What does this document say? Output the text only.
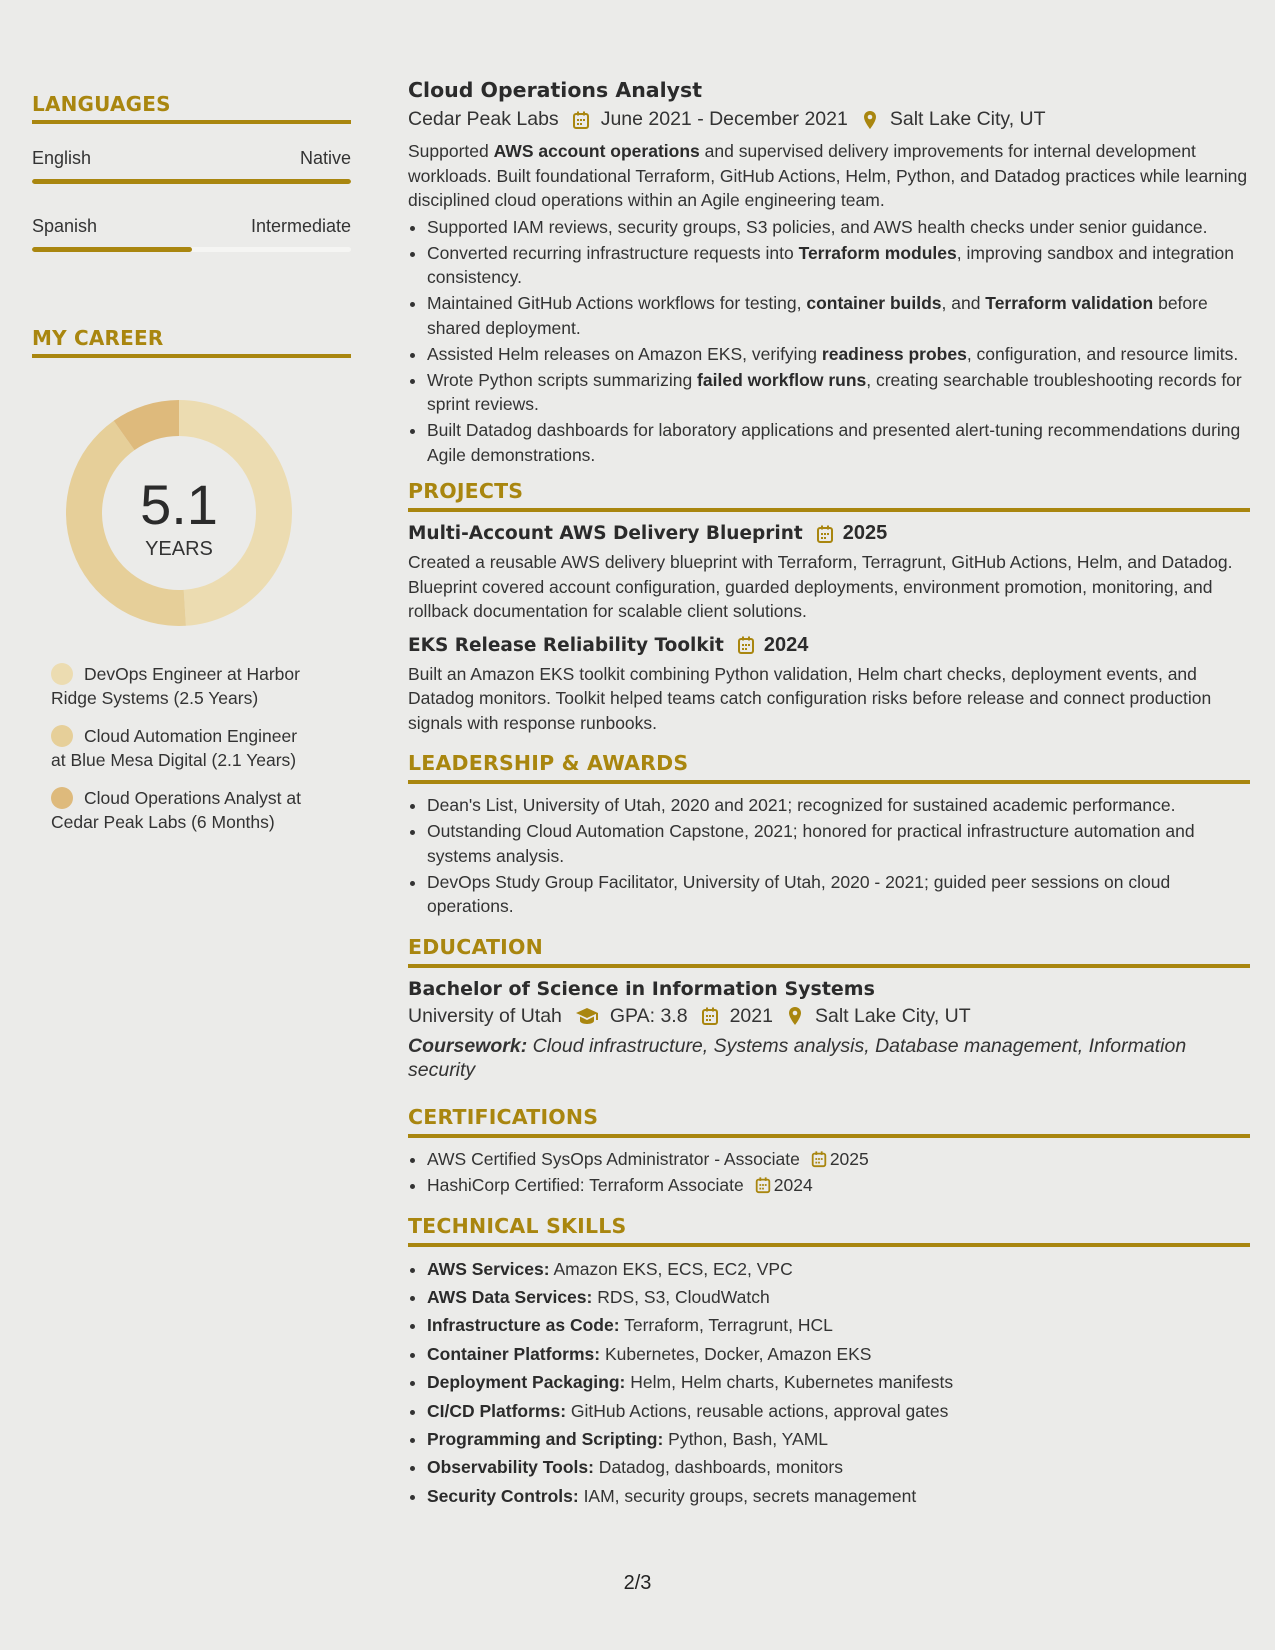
LANGUAGES
English	Native
Spanish	Intermediate
MY CAREER
5.1
YEARS
DevOps Engineer at Harbor
Ridge Systems (2.5 Years)
Cloud Automation Engineer
at Blue Mesa Digital (2.1 Years)
Cloud Operations Analyst at
Cedar Peak Labs (6 Months)
Cloud Operations Analyst
Cedar Peak Labs June 2021 - December 2021 Salt Lake City, UT
Supported AWS account operations and supervised delivery improvements for internal development workloads. Built foundational Terraform, GitHub Actions, Helm, Python, and Datadog practices while learning disciplined cloud operations within an Agile engineering team.
• Supported IAM reviews, security groups, S3 policies, and AWS health checks under senior guidance.
• Converted recurring infrastructure requests into Terraform modules, improving sandbox and integration consistency.
• Maintained GitHub Actions workflows for testing, container builds, and Terraform validation before shared deployment.
• Assisted Helm releases on Amazon EKS, verifying readiness probes, configuration, and resource limits.
• Wrote Python scripts summarizing failed workflow runs, creating searchable troubleshooting records for sprint reviews.
• Built Datadog dashboards for laboratory applications and presented alert-tuning recommendations during Agile demonstrations.
PROJECTS
Multi-Account AWS Delivery Blueprint 2025
Created a reusable AWS delivery blueprint with Terraform, Terragrunt, GitHub Actions, Helm, and Datadog. Blueprint covered account configuration, guarded deployments, environment promotion, monitoring, and rollback documentation for scalable client solutions.
EKS Release Reliability Toolkit 2024
Built an Amazon EKS toolkit combining Python validation, Helm chart checks, deployment events, and Datadog monitors. Toolkit helped teams catch configuration risks before release and connect production signals with response runbooks.
LEADERSHIP & AWARDS
• Dean's List, University of Utah, 2020 and 2021; recognized for sustained academic performance.
• Outstanding Cloud Automation Capstone, 2021; honored for practical infrastructure automation and systems analysis.
• DevOps Study Group Facilitator, University of Utah, 2020 - 2021; guided peer sessions on cloud operations.
EDUCATION
Bachelor of Science in Information Systems
University of Utah GPA: 3.8 2021 Salt Lake City, UT
Coursework: Cloud infrastructure, Systems analysis, Database management, Information security
CERTIFICATIONS
• AWS Certified SysOps Administrator - Associate 2025
• HashiCorp Certified: Terraform Associate 2024
TECHNICAL SKILLS
• AWS Services: Amazon EKS, ECS, EC2, VPC
• AWS Data Services: RDS, S3, CloudWatch
• Infrastructure as Code: Terraform, Terragrunt, HCL
• Container Platforms: Kubernetes, Docker, Amazon EKS
• Deployment Packaging: Helm, Helm charts, Kubernetes manifests
• CI/CD Platforms: GitHub Actions, reusable actions, approval gates
• Programming and Scripting: Python, Bash, YAML
• Observability Tools: Datadog, dashboards, monitors
• Security Controls: IAM, security groups, secrets management
2/3
